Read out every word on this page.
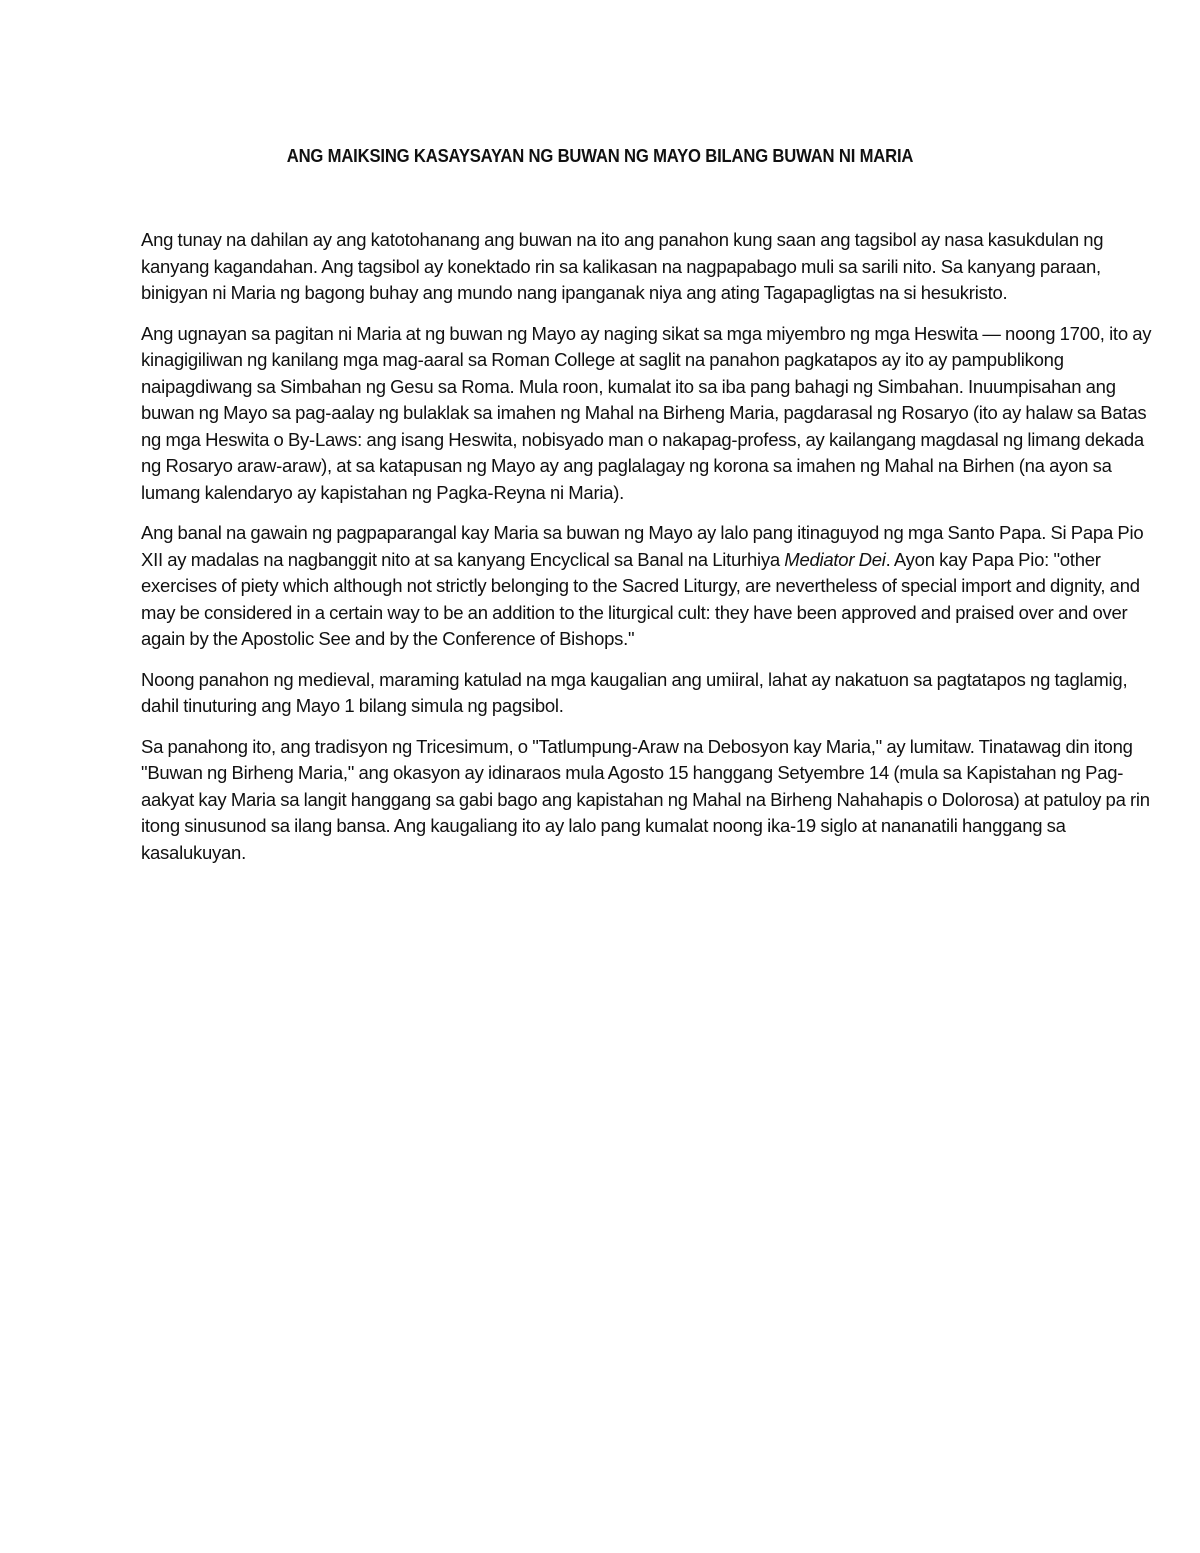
ANG MAIKSING KASAYSAYAN NG BUWAN NG MAYO BILANG BUWAN NI MARIA

Ang tunay na dahilan ay ang katotohanang ang buwan na ito ang panahon kung saan ang tagsibol ay nasa kasukdulan ng kanyang kagandahan. Ang tagsibol ay konektado rin sa kalikasan na nagpapabago muli sa sarili nito. Sa kanyang paraan, binigyan ni Maria ng bagong buhay ang mundo nang ipanganak niya ang ating Tagapagligtas na si hesukristo.

Ang ugnayan sa pagitan ni Maria at ng buwan ng Mayo ay naging sikat sa mga miyembro ng mga Heswita — noong 1700, ito ay kinagigiliwan ng kanilang mga mag-aaral sa Roman College at saglit na panahon pagkatapos ay ito ay pampublikong naipagdiwang sa Simbahan ng Gesu sa Roma. Mula roon, kumalat ito sa iba pang bahagi ng Simbahan. Inuumpisahan ang buwan ng Mayo sa pag-aalay ng bulaklak sa imahen ng Mahal na Birheng Maria, pagdarasal ng Rosaryo (ito ay halaw sa Batas ng mga Heswita o By-Laws: ang isang Heswita, nobisyado man o nakapag-profess, ay kailangang magdasal ng limang dekada ng Rosaryo araw-araw), at sa katapusan ng Mayo ay ang paglalagay ng korona sa imahen ng Mahal na Birhen (na ayon sa lumang kalendaryo ay kapistahan ng Pagka-Reyna ni Maria).

Ang banal na gawain ng pagpaparangal kay Maria sa buwan ng Mayo ay lalo pang itinaguyod ng mga Santo Papa. Si Papa Pio XII ay madalas na nagbanggit nito at sa kanyang Encyclical sa Banal na Liturhiya Mediator Dei. Ayon kay Papa Pio: "other exercises of piety which although not strictly belonging to the Sacred Liturgy, are nevertheless of special import and dignity, and may be considered in a certain way to be an addition to the liturgical cult: they have been approved and praised over and over again by the Apostolic See and by the Conference of Bishops."

Noong panahon ng medieval, maraming katulad na mga kaugalian ang umiiral, lahat ay nakatuon sa pagtatapos ng taglamig, dahil tinuturing ang Mayo 1 bilang simula ng pagsibol.

Sa panahong ito, ang tradisyon ng Tricesimum, o "Tatlumpung-Araw na Debosyon kay Maria," ay lumitaw. Tinatawag din itong "Buwan ng Birheng Maria," ang okasyon ay idinaraos mula Agosto 15 hanggang Setyembre 14 (mula sa Kapistahan ng Pag-aakyat kay Maria sa langit hanggang sa gabi bago ang kapistahan ng Mahal na Birheng Nahahapis o Dolorosa) at patuloy pa rin itong sinusunod sa ilang bansa. Ang kaugaliang ito ay lalo pang kumalat noong ika-19 siglo at nananatili hanggang sa kasalukuyan.
